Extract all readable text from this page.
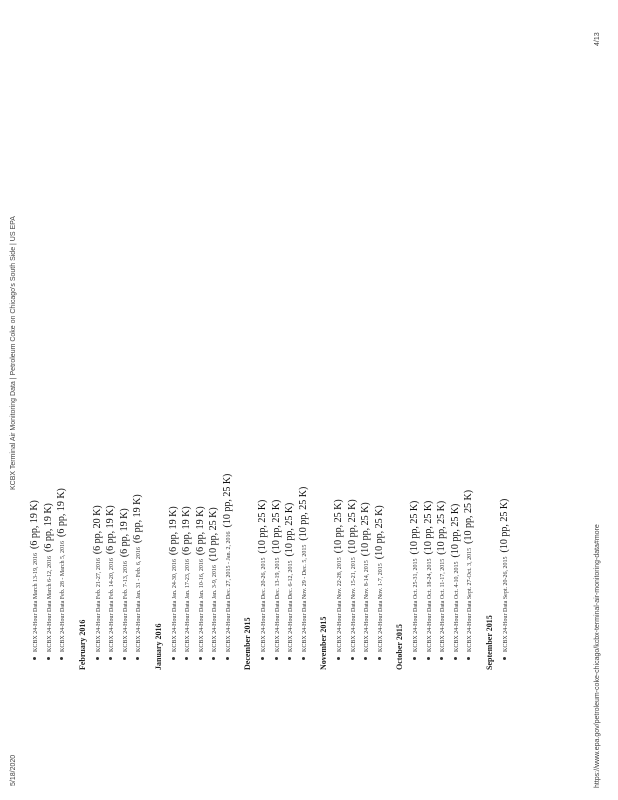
5/18/2020
KCBX Terminal Air Monitoring Data | Petroleum Coke on Chicago's South Side | US EPA
KCBX 24-Hour Data March 13-19, 2016 (6 pp, 19 K)
KCBX 24-Hour Data March 6-12, 2016 (6 pp, 19 K)
KCBX 24-Hour Data Feb. 28 - March 5, 2016 (6 pp, 19 K)
February 2016	KCBX 24-Hour Data Feb. 21-27, 2016 (6 pp, 20 K)
KCBX 24-Hour Data Feb. 14-20, 2016 (6 pp, 19 K)
KCBX 24-Hour Data Feb. 7-13, 2016 (6 pp, 19 K)
KCBX 24-Hour Data Jan. 31 - Feb. 6, 2016 (6 pp, 19 K)
January 2016	KCBX 24-Hour Data Jan. 24-30, 2016 (6 pp, 19 K)
KCBX 24-Hour Data Jan. 17-23, 2016 (6 pp, 19 K)
KCBX 24-Hour Data Jan. 10-16, 2016 (6 pp, 19 K)
KCBX 24-Hour Data Jan. 3-9, 2016 (10 pp, 25 K)	KCBX 24-Hour Data Dec. 27, 2015 - Jan. 2, 2016 (10 pp, 25 K)
December 2015	KCBX 24-Hour Data Dec. 20-26, 2015 (10 pp, 25 K)
KCBX 24-Hour Data Dec. 13-19, 2015 (10 pp, 25 K)
KCBX 24-Hour Data Dec. 6-12, 2015 (10 pp, 25 K)
KCBX 24-Hour Data Nov. 29 - Dec. 5, 2015 (10 pp, 25 K)
November 2015	KCBX 24-Hour Data Nov. 22-28, 2015 (10 pp, 25 K)
KCBX 24-Hour Data Nov. 15-21, 2015 (10 pp, 25 K)
KCBX 24-Hour Data Nov. 8-14, 2015 (10 pp, 25 K)
KCBX 24-Hour Data Nov. 1-7, 2015 (10 pp, 25 K)
October 2015	KCBX 24-Hour Data Oct. 25-31, 2015 (10 pp, 25 K)
KCBX 24-Hour Data Oct. 18-24, 2015 (10 pp, 25 K)
KCBX 24-Hour Data Oct. 11-17, 2015 (10 pp, 25 K)
KCBX 24-Hour Data Oct. 4-10, 2015 (10 pp, 25 K)
KCBX 24-Hour Data Sept. 27-Oct. 3, 2015 (10 pp, 25 K)
September 2015	KCBX 24-Hour Data Sept. 20-26, 2015 (10 pp, 25 K)	https://www.epa.gov/petroleum-coke-chicago/kcbx-terminal-air-monitoring-data#more
4/13
